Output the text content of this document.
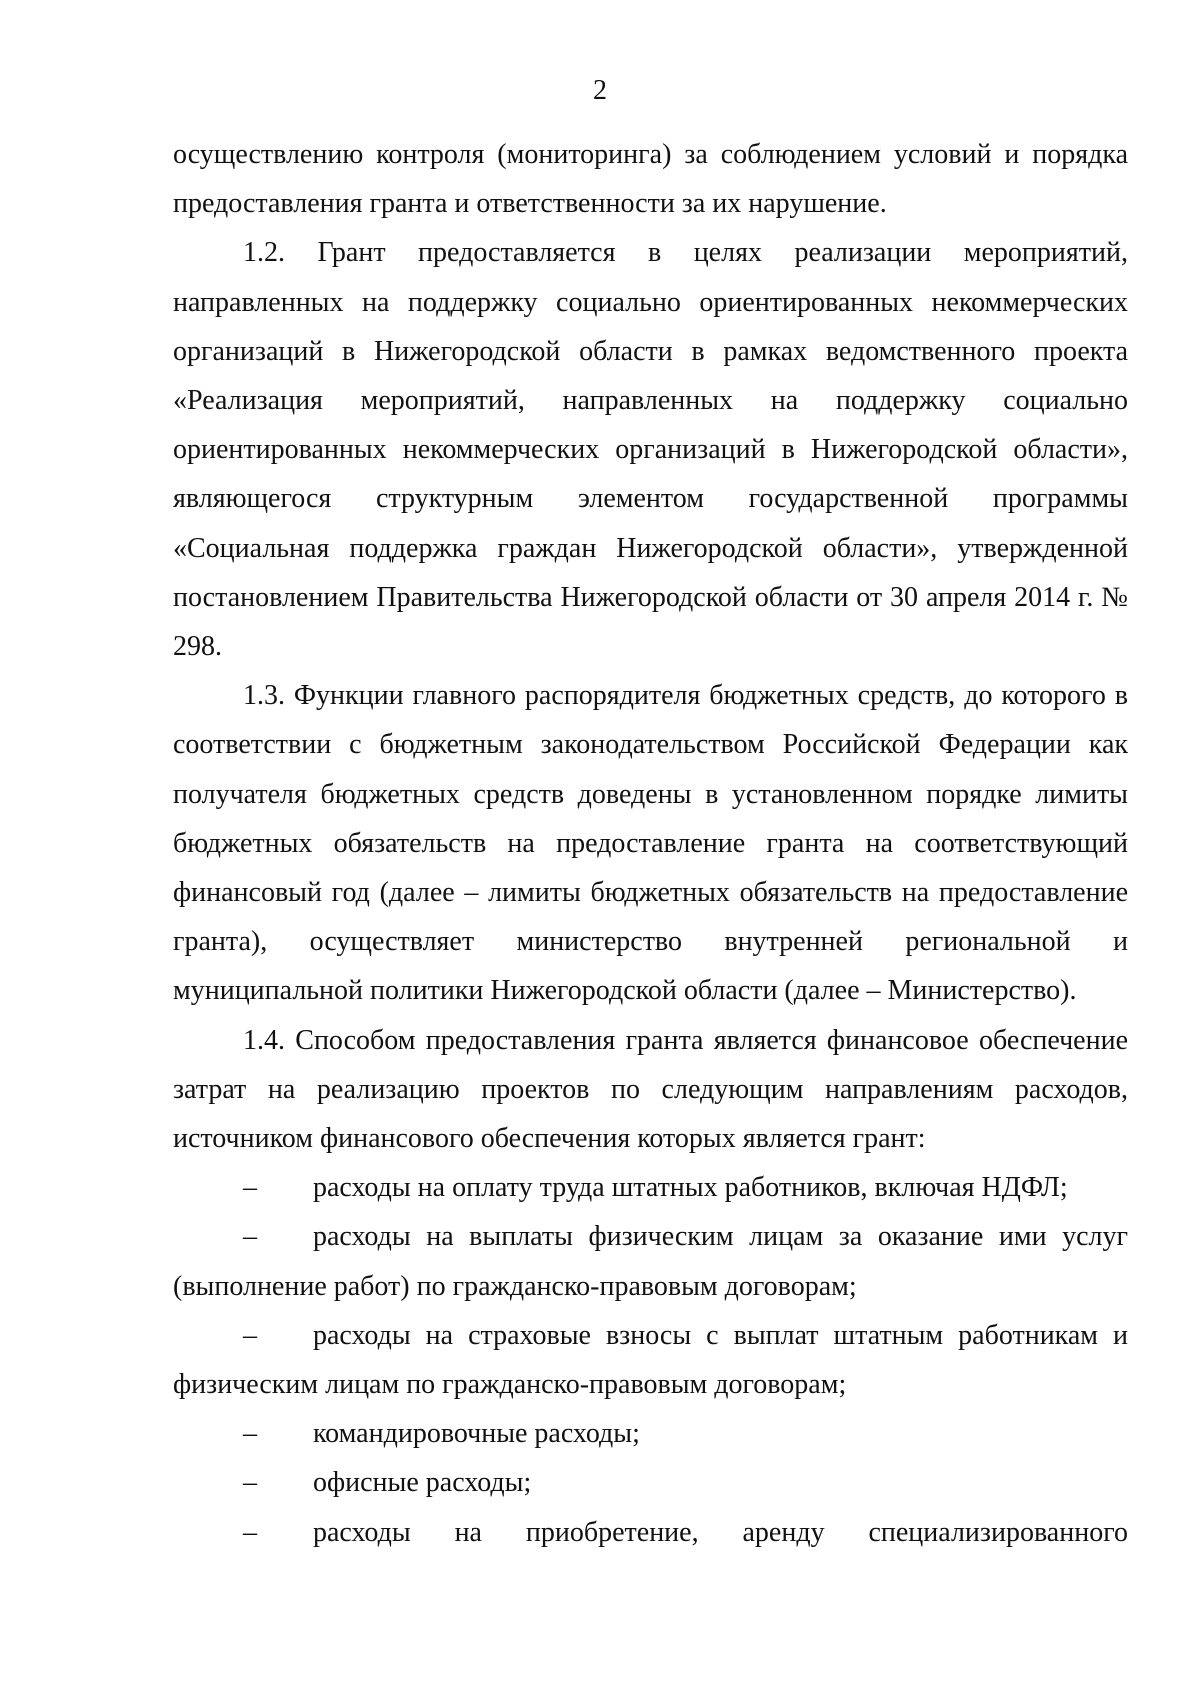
2

осуществлению контроля (мониторинга) за соблюдением условий и порядка предоставления гранта и ответственности за их нарушение.

1.2. Грант предоставляется в целях реализации мероприятий, направленных на поддержку социально ориентированных некоммерческих организаций в Нижегородской области в рамках ведомственного проекта «Реализация мероприятий, направленных на поддержку социально ориентированных некоммерческих организаций в Нижегородской области», являющегося структурным элементом государственной программы «Социальная поддержка граждан Нижегородской области», утвержденной постановлением Правительства Нижегородской области от 30 апреля 2014 г. № 298.

1.3. Функции главного распорядителя бюджетных средств, до которого в соответствии с бюджетным законодательством Российской Федерации как получателя бюджетных средств доведены в установленном порядке лимиты бюджетных обязательств на предоставление гранта на соответствующий финансовый год (далее – лимиты бюджетных обязательств на предоставление гранта), осуществляет министерство внутренней региональной и муниципальной политики Нижегородской области (далее – Министерство).

1.4. Способом предоставления гранта является финансовое обеспечение затрат на реализацию проектов по следующим направлениям расходов, источником финансового обеспечения которых является грант:

– расходы на оплату труда штатных работников, включая НДФЛ;

– расходы на выплаты физическим лицам за оказание ими услуг (выполнение работ) по гражданско-правовым договорам;

– расходы на страховые взносы с выплат штатным работникам и физическим лицам по гражданско-правовым договорам;

– командировочные расходы;

– офисные расходы;

– расходы на приобретение, аренду специализированного
